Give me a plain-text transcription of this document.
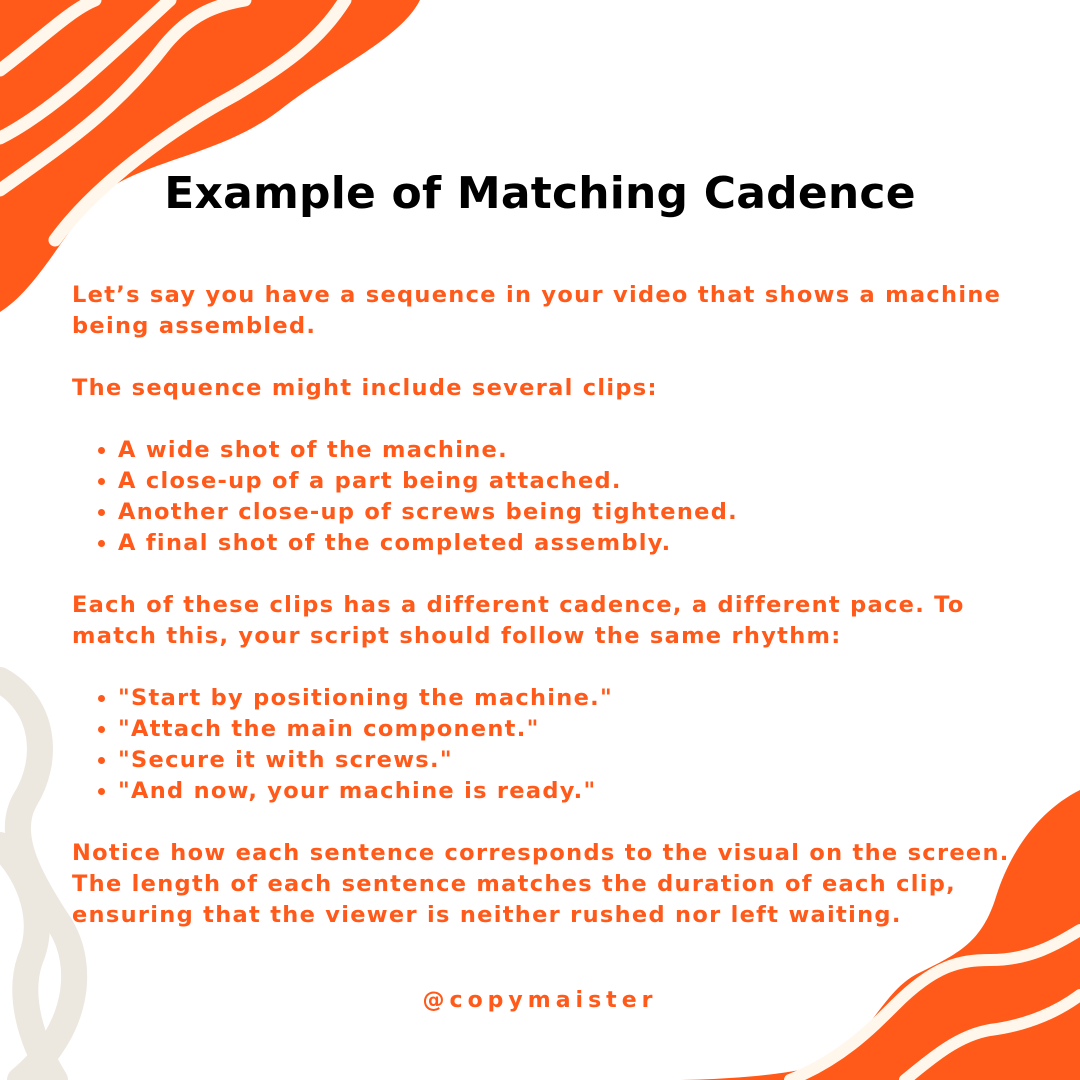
Example of Matching Cadence

Let’s say you have a sequence in your video that shows a machine being assembled.

The sequence might include several clips:

• A wide shot of the machine.
• A close-up of a part being attached.
• Another close-up of screws being tightened.
• A final shot of the completed assembly.

Each of these clips has a different cadence, a different pace. To match this, your script should follow the same rhythm:

• "Start by positioning the machine."
• "Attach the main component."
• "Secure it with screws."
• "And now, your machine is ready."

Notice how each sentence corresponds to the visual on the screen. The length of each sentence matches the duration of each clip, ensuring that the viewer is neither rushed nor left waiting.

@copymaister
